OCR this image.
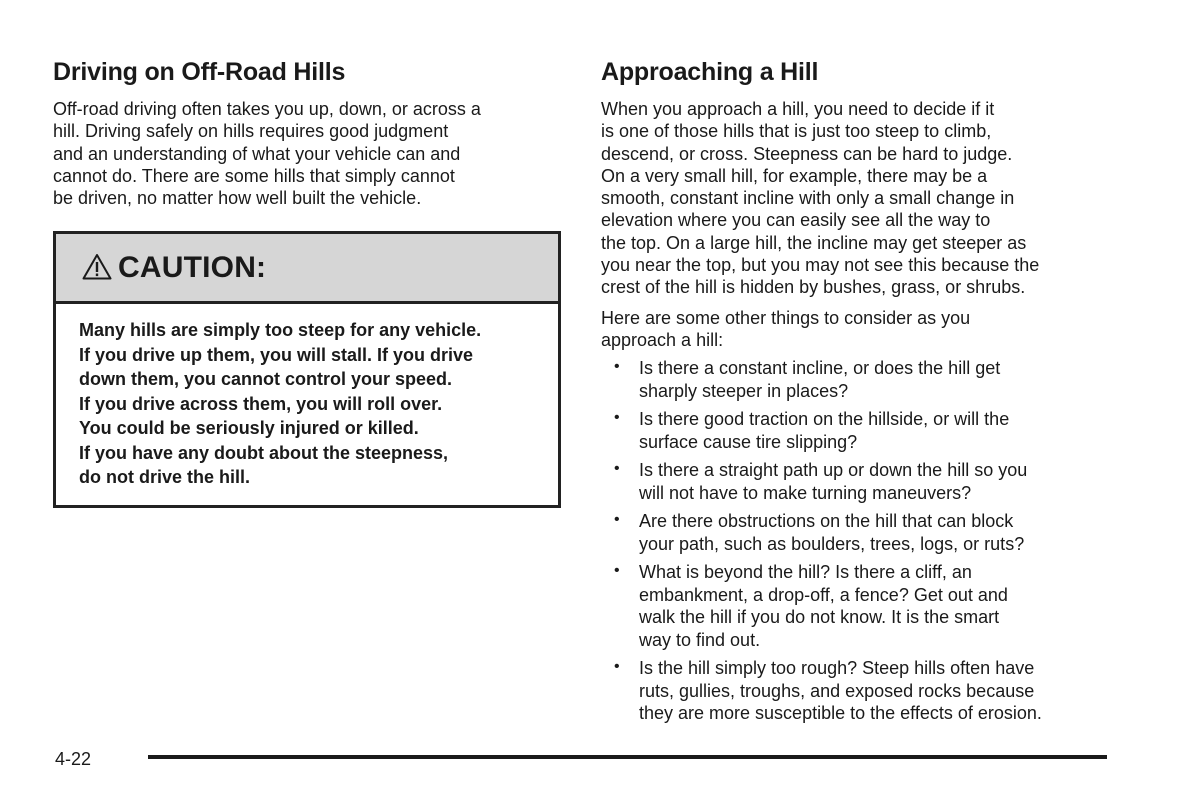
Driving on Off-Road Hills

Off-road driving often takes you up, down, or across a
hill. Driving safely on hills requires good judgment
and an understanding of what your vehicle can and
cannot do. There are some hills that simply cannot
be driven, no matter how well built the vehicle.

CAUTION:
Many hills are simply too steep for any vehicle.
If you drive up them, you will stall. If you drive
down them, you cannot control your speed.
If you drive across them, you will roll over.
You could be seriously injured or killed.
If you have any doubt about the steepness,
do not drive the hill.
Approaching a Hill

When you approach a hill, you need to decide if it
is one of those hills that is just too steep to climb,
descend, or cross. Steepness can be hard to judge.
On a very small hill, for example, there may be a
smooth, constant incline with only a small change in
elevation where you can easily see all the way to
the top. On a large hill, the incline may get steeper as
you near the top, but you may not see this because the
crest of the hill is hidden by bushes, grass, or shrubs.

Here are some other things to consider as you
approach a hill:

• Is there a constant incline, or does the hill get
sharply steeper in places?
• Is there good traction on the hillside, or will the
surface cause tire slipping?
• Is there a straight path up or down the hill so you
will not have to make turning maneuvers?
• Are there obstructions on the hill that can block
your path, such as boulders, trees, logs, or ruts?
• What is beyond the hill? Is there a cliff, an
embankment, a drop-off, a fence? Get out and
walk the hill if you do not know. It is the smart
way to find out.
• Is the hill simply too rough? Steep hills often have
ruts, gullies, troughs, and exposed rocks because
they are more susceptible to the effects of erosion.
4-22
